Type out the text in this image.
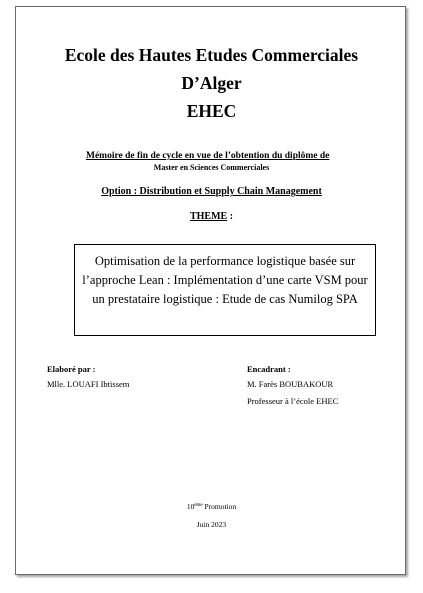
Ecole des Hautes Etudes Commerciales
D’Alger
EHEC
Mémoire de fin de cycle en vue de l’obtention du diplôme de
Master en Sciences Commerciales
Option : Distribution et Supply Chain Management
THEME :
Optimisation de la performance logistique basée sur l’approche Lean : Implémentation d’une carte VSM pour un prestataire logistique : Etude de cas Numilog SPA
Elaboré par :
Mlle. LOUAFI Ibtissem
Encadrant :
M. Farès BOUBAKOUR
Professeur à l’école EHEC
10ème Promotion
Juin 2023
